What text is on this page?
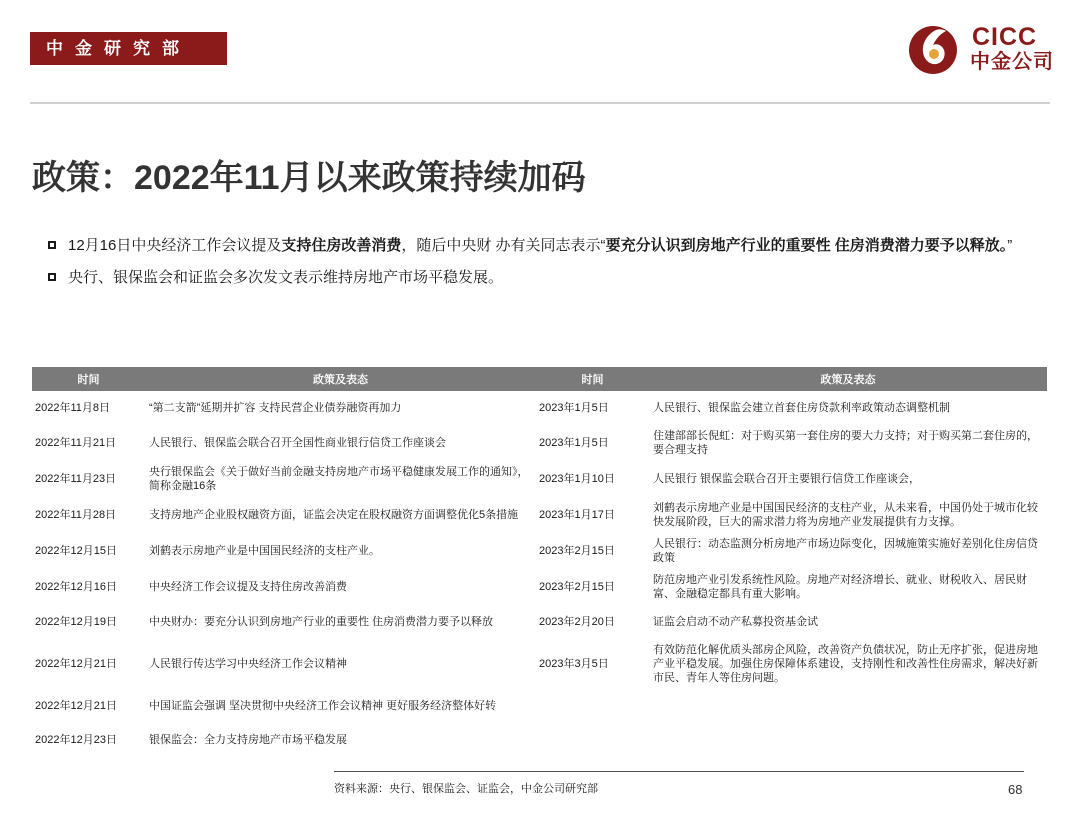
中金研究部	CICC
中金公司
政策：2022年11月以来政策持续加码
12月16日中央经济工作会议提及支持住房改善消费，随后中央财 办有关同志表示“要充分认识到房地产行业的重要性 住房消费潜力要予以释放。”
央行、银保监会和证监会多次发文表示维持房地产市场平稳发展。
时间	政策及表态	时间	政策及表态
2022年11月8日	“第二支箭”延期并扩容 支持民营企业债券融资再加力	2023年1月5日	人民银行、银保监会建立首套住房贷款利率政策动态调整机制
2022年11月21日	人民银行、银保监会联合召开全国性商业银行信贷工作座谈会	2023年1月5日	住建部部长倪虹：对于购买第一套住房的要大力支持；对于购买第二套住房的，要合理支持
2022年11月23日	央行银保监会《关于做好当前金融支持房地产市场平稳健康发展工作的通知》，简称金融16条	2023年1月10日	人民银行 银保监会联合召开主要银行信贷工作座谈会，
2022年11月28日	支持房地产企业股权融资方面，证监会决定在股权融资方面调整优化5条措施	2023年1月17日	刘鹤表示房地产业是中国国民经济的支柱产业，从未来看，中国仍处于城市化较快发展阶段，巨大的需求潜力将为房地产业发展提供有力支撑。
2022年12月15日	刘鹤表示房地产业是中国国民经济的支柱产业。	2023年2月15日	人民银行：动态监测分析房地产市场边际变化，因城施策实施好差别化住房信贷政策
2022年12月16日	中央经济工作会议提及支持住房改善消费	2023年2月15日	防范房地产业引发系统性风险。房地产对经济增长、就业、财税收入、居民财富、金融稳定都具有重大影响。
2022年12月19日	中央财办：要充分认识到房地产行业的重要性 住房消费潜力要予以释放	2023年2月20日	证监会启动不动产私募投资基金试
2022年12月21日	人民银行传达学习中央经济工作会议精神	2023年3月5日	有效防范化解优质头部房企风险，改善资产负债状况，防止无序扩张，促进房地产业平稳发展。加强住房保障体系建设，支持刚性和改善性住房需求，解决好新市民、青年人等住房问题。
2022年12月21日	中国证监会强调 坚决贯彻中央经济工作会议精神 更好服务经济整体好转		
2022年12月23日	银保监会：全力支持房地产市场平稳发展		
资料来源：央行、银保监会、证监会，中金公司研究部	68
